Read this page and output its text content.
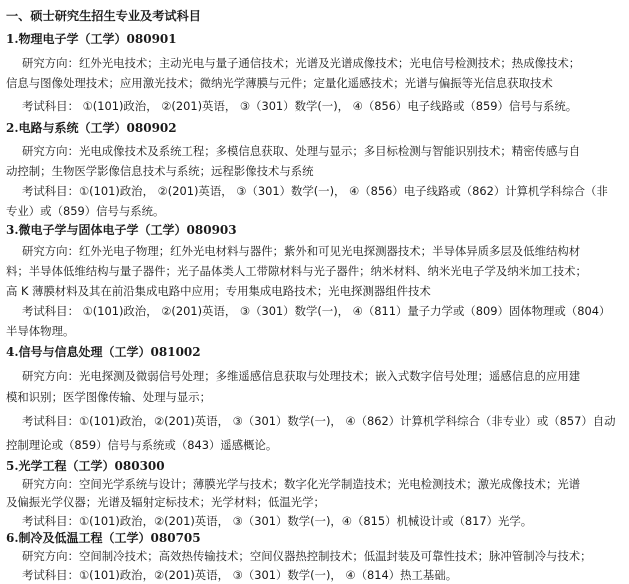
一、硕士研究生招生专业及考试科目
1.物理电子学（工学）080901
研究方向：红外光电技术；主动光电与量子通信技术；光谱及光谱成像技术；光电信号检测技术；热成像技术；
信息与图像处理技术；应用激光技术；微纳光学薄膜与元件；定量化遥感技术；光谱与偏振等光信息获取技术
考试科目： ①(101)政治， ②(201)英语， ③（301）数学(一)， ④（856）电子线路或（859）信号与系统。
2.电路与系统（工学）080902
研究方向：光电成像技术及系统工程；多模信息获取、处理与显示；多目标检测与智能识别技术；精密传感与自
动控制；生物医学影像信息技术与系统；远程影像技术与系统
考试科目：①(101)政治， ②(201)英语， ③（301）数学(一)， ④（856）电子线路或（862）计算机学科综合（非
专业）或（859）信号与系统。
3.微电子学与固体电子学（工学）080903
研究方向：红外光电子物理；红外光电材料与器件；紫外和可见光电探测器技术；半导体异质多层及低维结构材
料；半导体低维结构与量子器件；光子晶体类人工带隙材料与光子器件；纳米材料、纳米光电子学及纳米加工技术；
高 K 薄膜材料及其在前沿集成电路中应用；专用集成电路技术；光电探测器组件技术
考试科目： ①(101)政治， ②(201)英语， ③（301）数学(一)， ④（811）量子力学或（809）固体物理或（804）
半导体物理。
4.信号与信息处理（工学）081002
研究方向：光电探测及微弱信号处理；多维遥感信息获取与处理技术；嵌入式数字信号处理；遥感信息的应用建
模和识别；医学图像传输、处理与显示；
考试科目：①(101)政治，②(201)英语， ③（301）数学(一)， ④（862）计算机学科综合（非专业）或（857）自动
控制理论或（859）信号与系统或（843）遥感概论。
5.光学工程（工学）080300
研究方向：空间光学系统与设计；薄膜光学与技术；数字化光学制造技术；光电检测技术；激光成像技术；光谱
及偏振光学仪器；光谱及辐射定标技术；光学材料；低温光学；
考试科目：①(101)政治，②(201)英语， ③（301）数学(一)，④（815）机械设计或（817）光学。
6.制冷及低温工程（工学）080705
研究方向：空间制冷技术；高效热传输技术；空间仪器热控制技术；低温封装及可靠性技术；脉冲管制冷与技术；
考试科目：①(101)政治，②(201)英语， ③（301）数学(一)， ④（814）热工基础。
